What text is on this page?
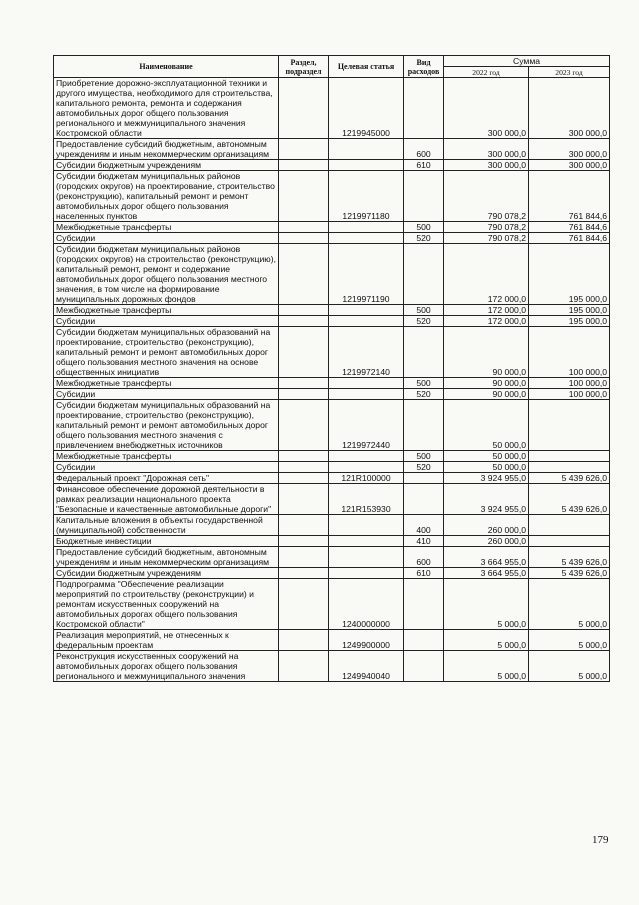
Наименование	Раздел, подраздел	Целевая статья	Вид расходов	Сумма	
				2022 год	2023 год
Приобретение дорожно-эксплуатационной техники и другого имущества, необходимого для строительства, капитального ремонта, ремонта и содержания автомобильных дорог общего пользования регионального и межмуниципального значения Костромской области		1219945000		300 000,0	300 000,0
Предоставление субсидий бюджетным, автономным учреждениям и иным некоммерческим организациям			600	300 000,0	300 000,0
Субсидии бюджетным учреждениям			610	300 000,0	300 000,0
Субсидии бюджетам муниципальных районов (городских округов) на проектирование, строительство (реконструкцию), капитальный ремонт и ремонт автомобильных дорог общего пользования населенных пунктов		1219971180		790 078,2	761 844,6
Межбюджетные трансферты			500	790 078,2	761 844,6
Субсидии			520	790 078,2	761 844,6
Субсидии бюджетам муниципальных районов (городских округов) на строительство (реконструкцию), капитальный ремонт, ремонт и содержание автомобильных дорог общего пользования местного значения, в том числе на формирование муниципальных дорожных фондов		1219971190		172 000,0	195 000,0
Межбюджетные трансферты			500	172 000,0	195 000,0
Субсидии			520	172 000,0	195 000,0
Субсидии бюджетам муниципальных образований на проектирование, строительство (реконструкцию), капитальный ремонт и ремонт автомобильных дорог общего пользования местного значения на основе общественных инициатив		1219972140		90 000,0	100 000,0
Межбюджетные трансферты			500	90 000,0	100 000,0
Субсидии			520	90 000,0	100 000,0
Субсидии бюджетам муниципальных образований на проектирование, строительство (реконструкцию), капитальный ремонт и ремонт автомобильных дорог общего пользования местного значения с привлечением внебюджетных источников		1219972440		50 000,0	
Межбюджетные трансферты			500	50 000,0	
Субсидии			520	50 000,0	
Федеральный проект "Дорожная сеть"		121R100000		3 924 955,0	5 439 626,0
Финансовое обеспечение дорожной деятельности в рамках реализации национального проекта "Безопасные и качественные автомобильные дороги"		121R153930		3 924 955,0	5 439 626,0
Капитальные вложения в объекты государственной (муниципальной) собственности			400	260 000,0	
Бюджетные инвестиции			410	260 000,0	
Предоставление субсидий бюджетным, автономным учреждениям и иным некоммерческим организациям			600	3 664 955,0	5 439 626,0
Субсидии бюджетным учреждениям			610	3 664 955,0	5 439 626,0
Подпрограмма "Обеспечение реализации мероприятий по строительству (реконструкции) и ремонтам искусственных сооружений на автомобильных дорогах общего пользования Костромской области"		1240000000		5 000,0	5 000,0
Реализация мероприятий, не отнесенных к федеральным проектам		1249900000		5 000,0	5 000,0
Реконструкция искусственных сооружений на автомобильных дорогах общего пользования регионального и межмуниципального значения		1249940040		5 000,0	5 000,0
179
